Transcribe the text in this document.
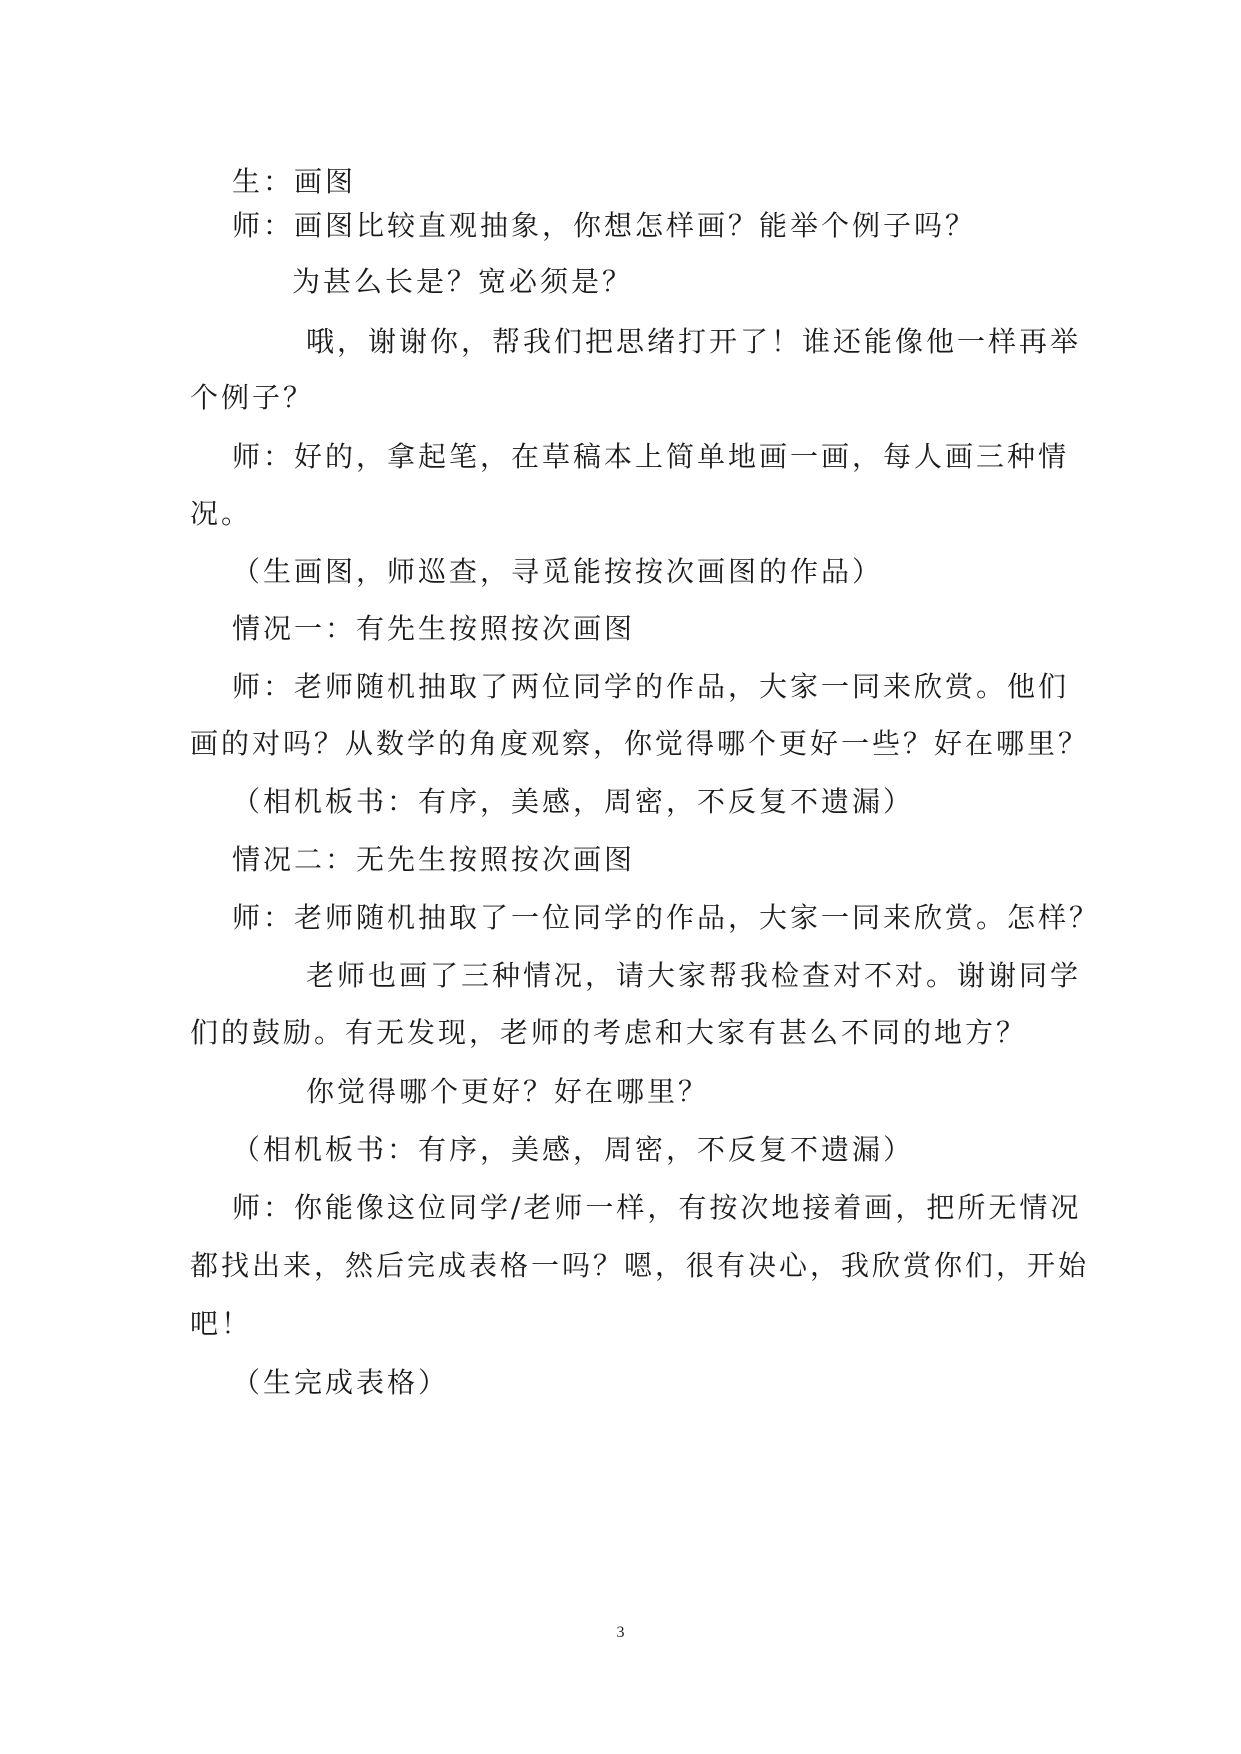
生：画图
师：画图比较直观抽象，你想怎样画？能举个例子吗？
为甚么长是？宽必须是？
哦，谢谢你，帮我们把思绪打开了！谁还能像他一样再举
个例子？
师：好的，拿起笔，在草稿本上简单地画一画，每人画三种情
况。
（生画图，师巡查，寻觅能按按次画图的作品）
情况一：有先生按照按次画图
师：老师随机抽取了两位同学的作品，大家一同来欣赏。他们
画的对吗？从数学的角度观察，你觉得哪个更好一些？好在哪里？
（相机板书：有序，美感，周密，不反复不遗漏）
情况二：无先生按照按次画图
师：老师随机抽取了一位同学的作品，大家一同来欣赏。怎样？
老师也画了三种情况，请大家帮我检查对不对。谢谢同学
们的鼓励。有无发现，老师的考虑和大家有甚么不同的地方？
你觉得哪个更好？好在哪里？
（相机板书：有序，美感，周密，不反复不遗漏）
师：你能像这位同学/老师一样，有按次地接着画，把所无情况
都找出来，然后完成表格一吗？嗯，很有决心，我欣赏你们，开始
吧！
（生完成表格）
3
